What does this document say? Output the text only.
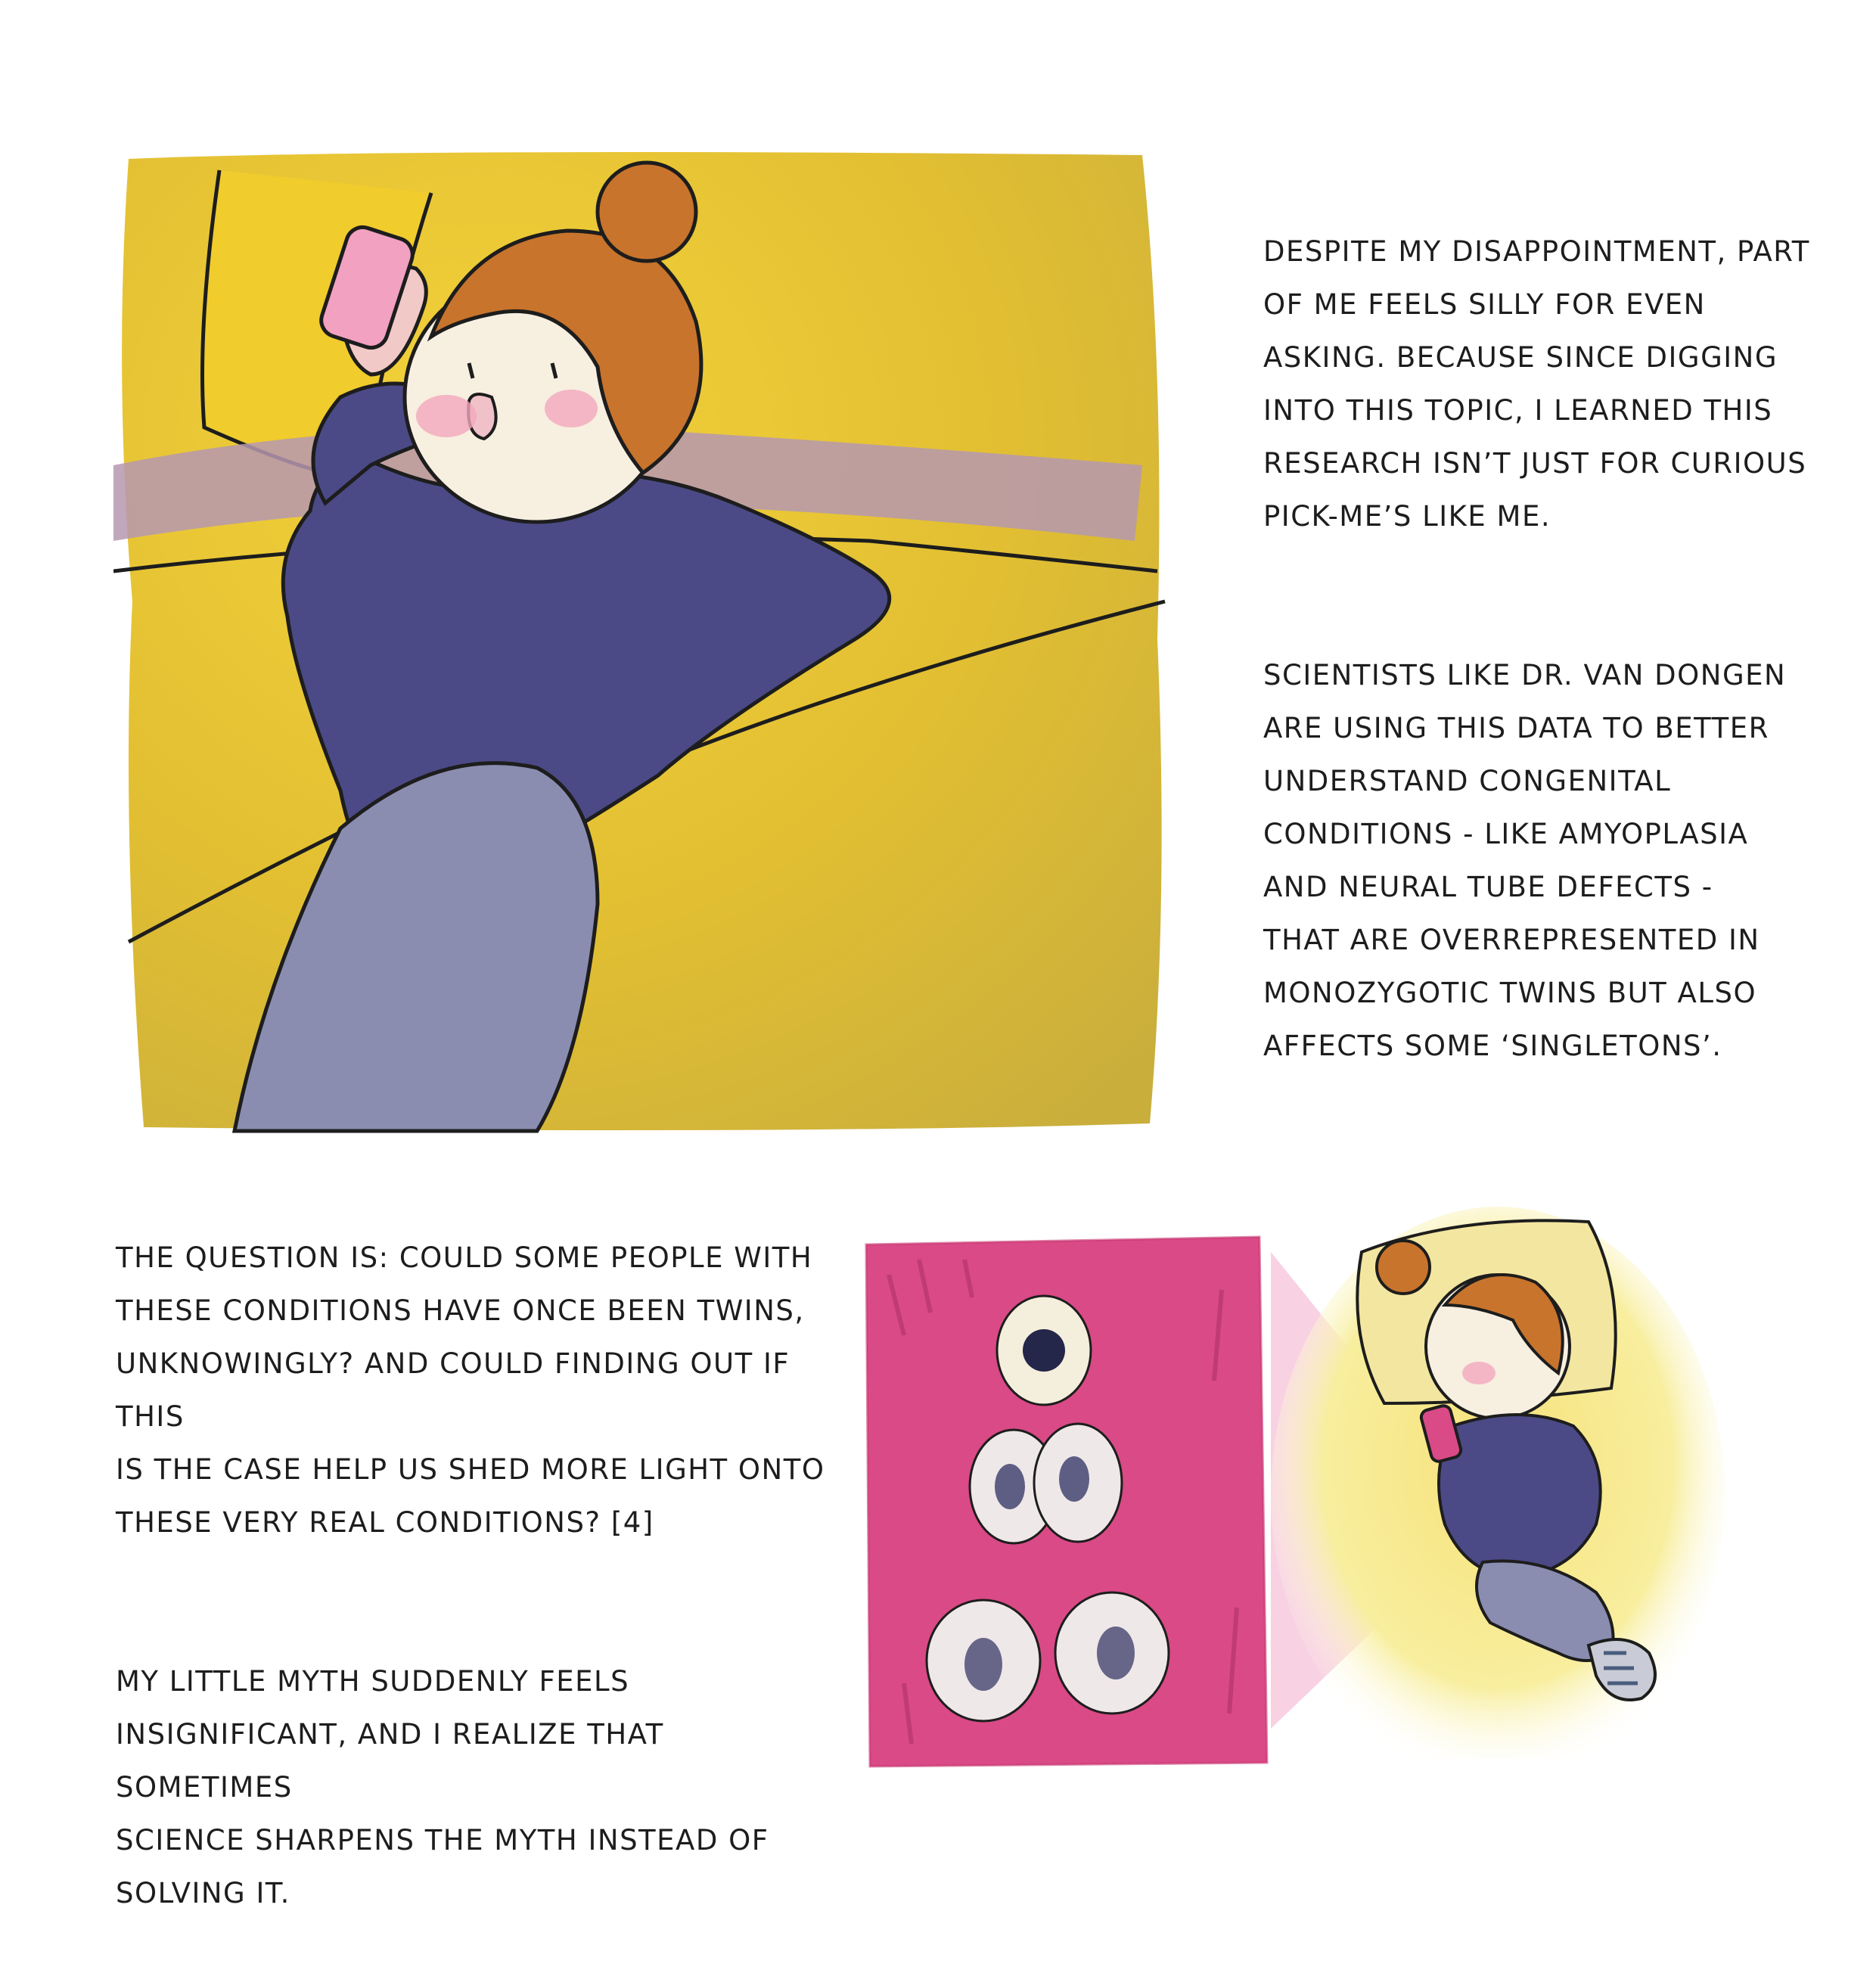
DESPITE MY DISAPPOINTMENT, PART
OF ME FEELS SILLY FOR EVEN
ASKING. BECAUSE SINCE DIGGING
INTO THIS TOPIC, I LEARNED THIS
RESEARCH ISN’T JUST FOR CURIOUS
PICK-ME’S LIKE ME.

SCIENTISTS LIKE DR. VAN DONGEN
ARE USING THIS DATA TO BETTER
UNDERSTAND CONGENITAL
CONDITIONS - LIKE AMYOPLASIA
AND NEURAL TUBE DEFECTS -
THAT ARE OVERREPRESENTED IN
MONOZYGOTIC TWINS BUT ALSO
AFFECTS SOME ‘SINGLETONS’.

THE QUESTION IS: COULD SOME PEOPLE WITH
THESE CONDITIONS HAVE ONCE BEEN TWINS,
UNKNOWINGLY? AND COULD FINDING OUT IF THIS
IS THE CASE HELP US SHED MORE LIGHT ONTO
THESE VERY REAL CONDITIONS? [4]

MY LITTLE MYTH SUDDENLY FEELS
INSIGNIFICANT, AND I REALIZE THAT SOMETIMES
SCIENCE SHARPENS THE MYTH INSTEAD OF
SOLVING IT.
